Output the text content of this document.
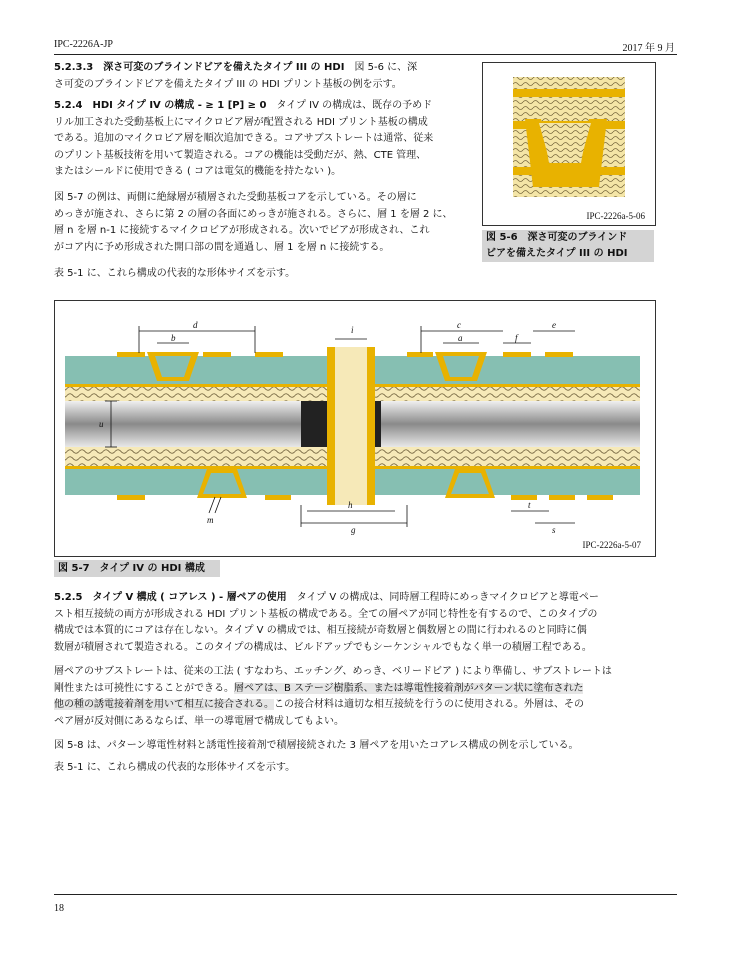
IPC-2226A-JP	2017 年 9 月

5.2.3.3　 深さ可変のブラインドビアを備えたタイプ III の HDI　 図 5-6 に、深
さ可変のブラインドビアを備えたタイプ III の HDI プリント基板の例を示す。

5.2.4　 HDI タイプ IV の構成 - ≥ 1 [P] ≥ 0　 タイプ IV の構成は、既存の予めド
リル加工された受動基板上にマイクロビア層が配置される HDI プリント基板の構成
である。追加のマイクロビア層を順次追加できる。コアサブストレートは通常、従来
のプリント基板技術を用いて製造される。コアの機能は受動だが、熱、CTE 管理、
またはシールドに使用できる ( コアは電気的機能を持たない )。

図 5-7 の例は、両側に絶縁層が積層された受動基板コアを示している。その層に
めっきが施され、さらに第 2 の層の各面にめっきが施される。さらに、層 1 を層 2 に、
層 n を層 n-1 に接続するマイクロビアが形成される。次いでビアが形成され、これ
がコア内に予め形成された開口部の間を通過し、層 1 を層 n に接続する。

表 5-1 に、これら構成の代表的な形体サイズを示す。

IPC-2226a-5-06
図 5-6　深さ可変のブラインド
ビアを備えたタイプ III の HDI
d
b
i	c
a
e
f
u
m
h
g
t
s
IPC-2226a-5-07
図 5-7　タイプ IV の HDI 構成

5.2.5　 タイプ V 構成 ( コアレス ) - 層ペアの使用　 タイプ V の構成は、同時層工程時にめっきマイクロビアと導電ペー
スト相互接続の両方が形成される HDI プリント基板の構成である。全ての層ペアが同じ特性を有するので、このタイプの
構成では本質的にコアは存在しない。タイプ V の構成では、相互接続が奇数層と偶数層との間に行われるのと同時に偶
数層が積層されて製造される。このタイプの構成は、ビルドアップでもシーケンシャルでもなく単一の積層工程である。

層ペアのサブストレートは、従来の工法 ( すなわち、エッチング、めっき、ベリードビア ) により準備し、サブストレートは
剛性または可撓性にすることができる。層ペアは、B ステージ樹脂系、または導電性接着剤がパターン状に塗布された
他の種の誘電接着剤を用いて相互に接合される。この接合材料は適切な相互接続を行うのに使用される。外層は、その
ペア層が反対側にあるならば、単一の導電層で構成してもよい。

図 5-8 は、パターン導電性材料と誘電性接着剤で積層接続された 3 層ペアを用いたコアレス構成の例を示している。

表 5-1 に、これら構成の代表的な形体サイズを示す。

18
